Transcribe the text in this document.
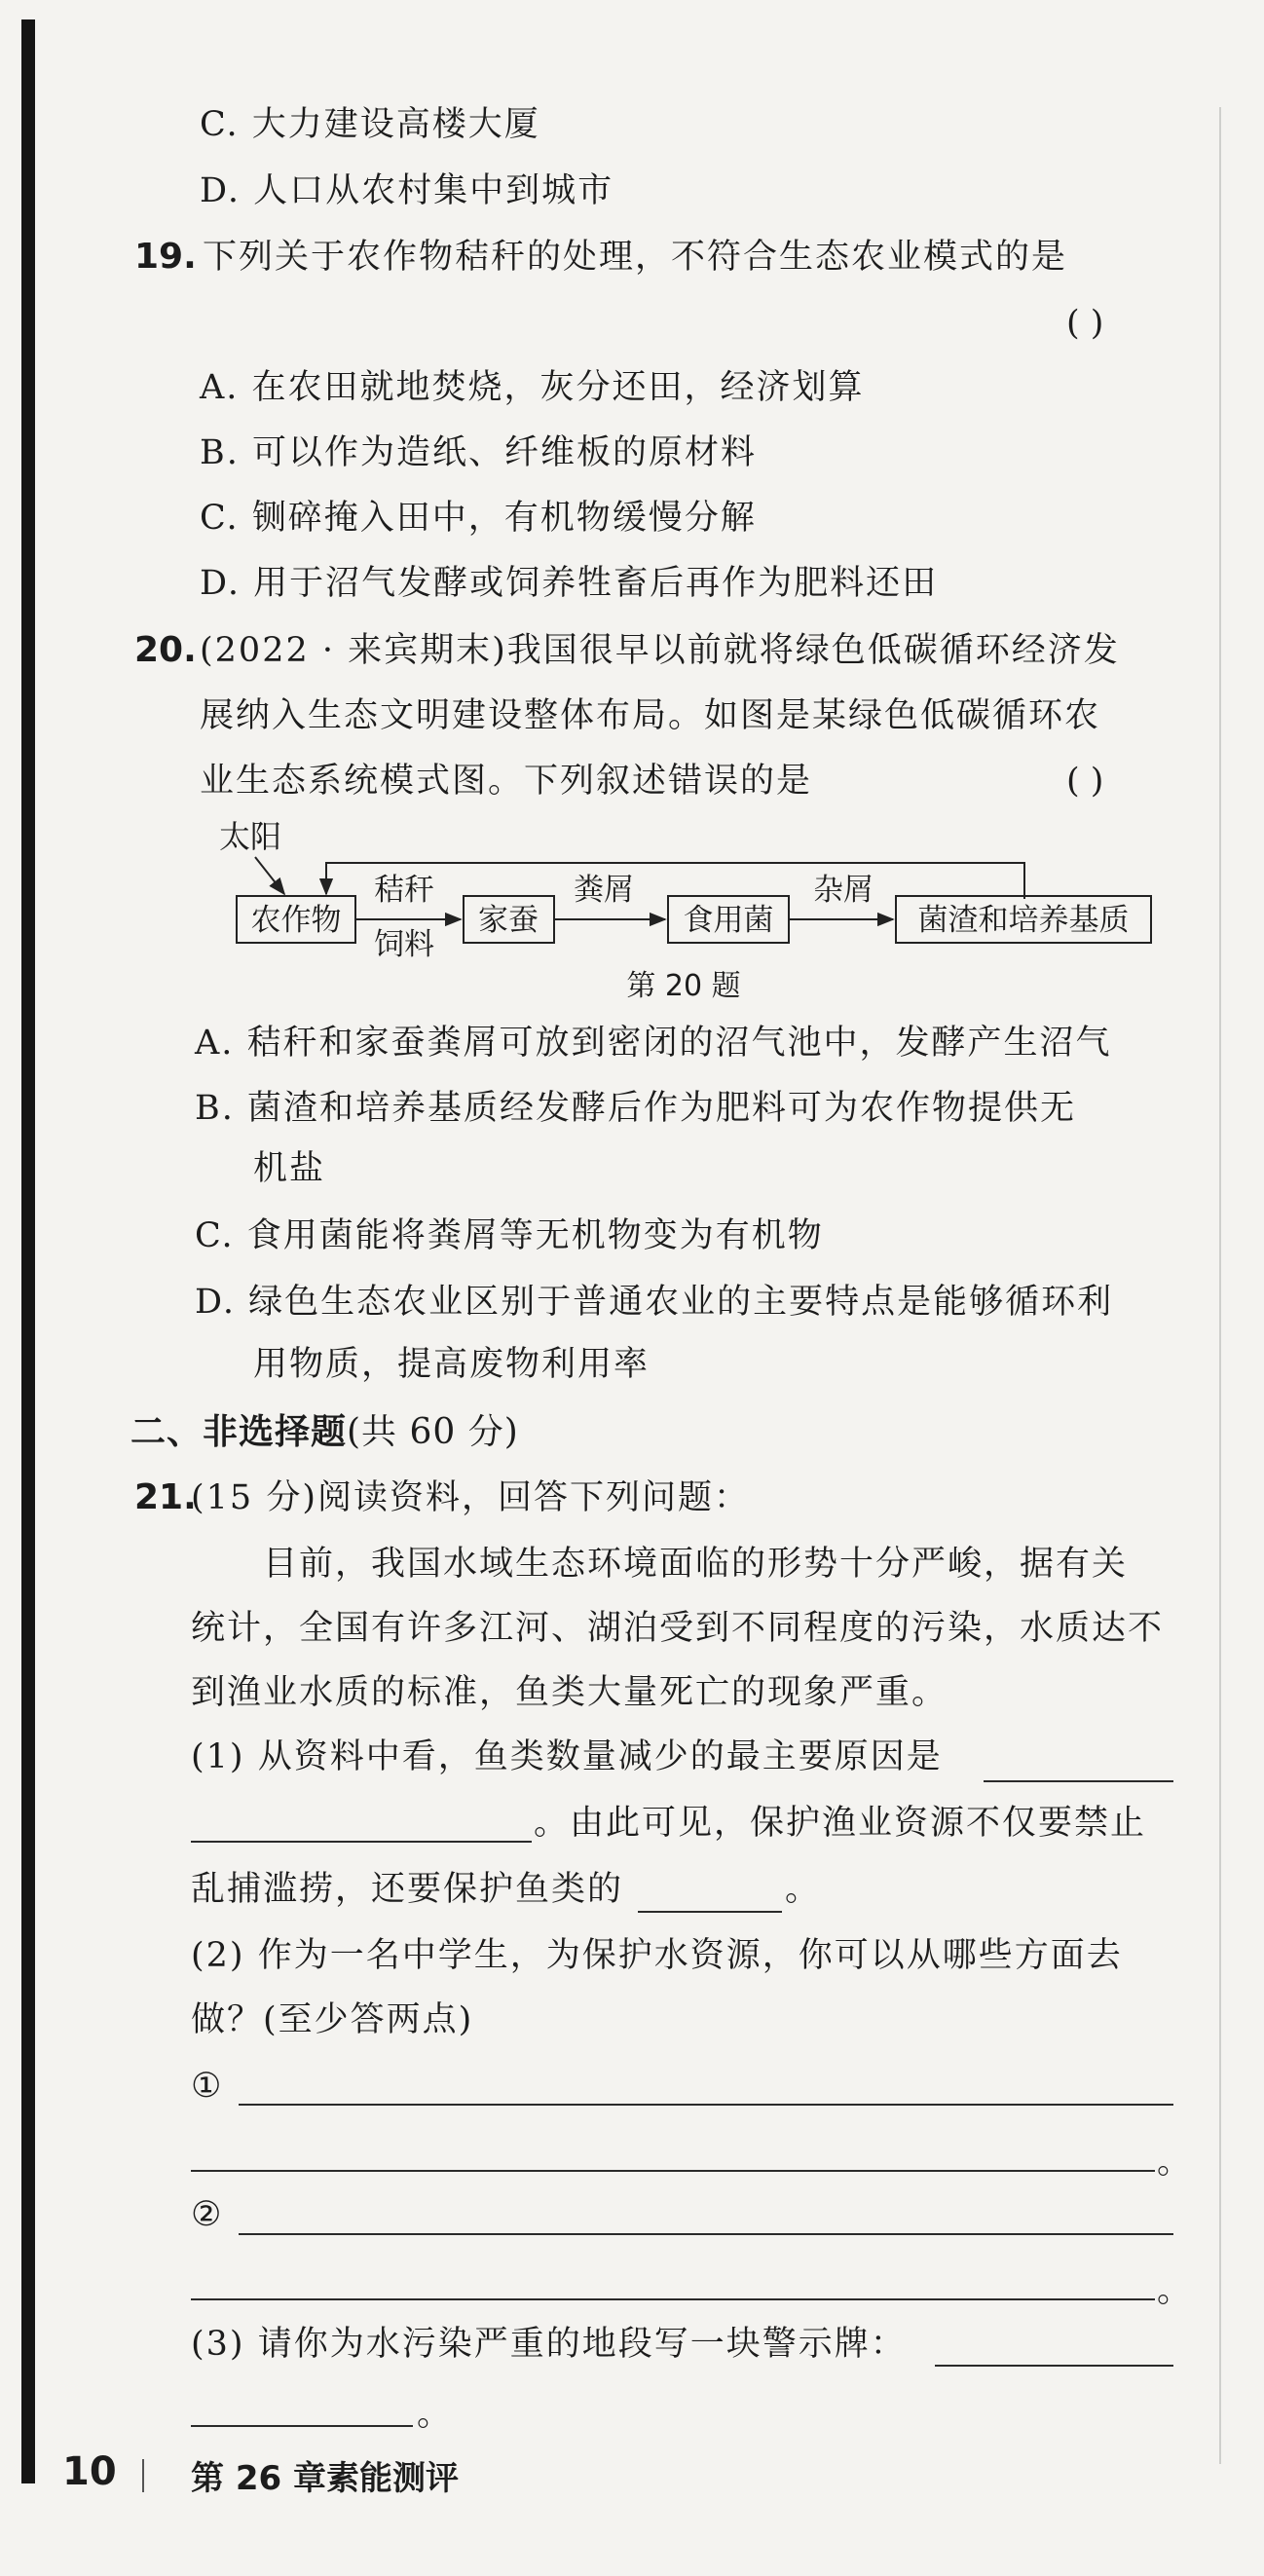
C. 大力建设高楼大厦
D. 人口从农村集中到城市
19. 下列关于农作物秸秆的处理，不符合生态农业模式的是
( )
A. 在农田就地焚烧，灰分还田，经济划算
B. 可以作为造纸、纤维板的原材料
C. 铡碎掩入田中，有机物缓慢分解
D. 用于沼气发酵或饲养牲畜后再作为肥料还田
20. (2022 · 来宾期末)我国很早以前就将绿色低碳循环经济发
展纳入生态文明建设整体布局。如图是某绿色低碳循环农
业生态系统模式图。下列叙述错误的是	( )
太阳
农作物
秸秆
饲料
家蚕
粪屑
食用菌
杂屑
菌渣和培养基质
第 20 题
A. 秸秆和家蚕粪屑可放到密闭的沼气池中，发酵产生沼气
B. 菌渣和培养基质经发酵后作为肥料可为农作物提供无
机盐
C. 食用菌能将粪屑等无机物变为有机物
D. 绿色生态农业区别于普通农业的主要特点是能够循环利
用物质，提高废物利用率
二、非选择题(共 60 分)
21.
(15 分)阅读资料，回答下列问题：
目前，我国水域生态环境面临的形势十分严峻，据有关
统计，全国有许多江河、湖泊受到不同程度的污染，水质达不
到渔业水质的标准，鱼类大量死亡的现象严重。
(1) 从资料中看，鱼类数量减少的最主要原因是
。由此可见，保护渔业资源不仅要禁止
乱捕滥捞，还要保护鱼类的	。
(2) 作为一名中学生，为保护水资源，你可以从哪些方面去
做？(至少答两点)
①
。
②
。
(3) 请你为水污染严重的地段写一块警示牌：
。
10 第 26 章素能测评
